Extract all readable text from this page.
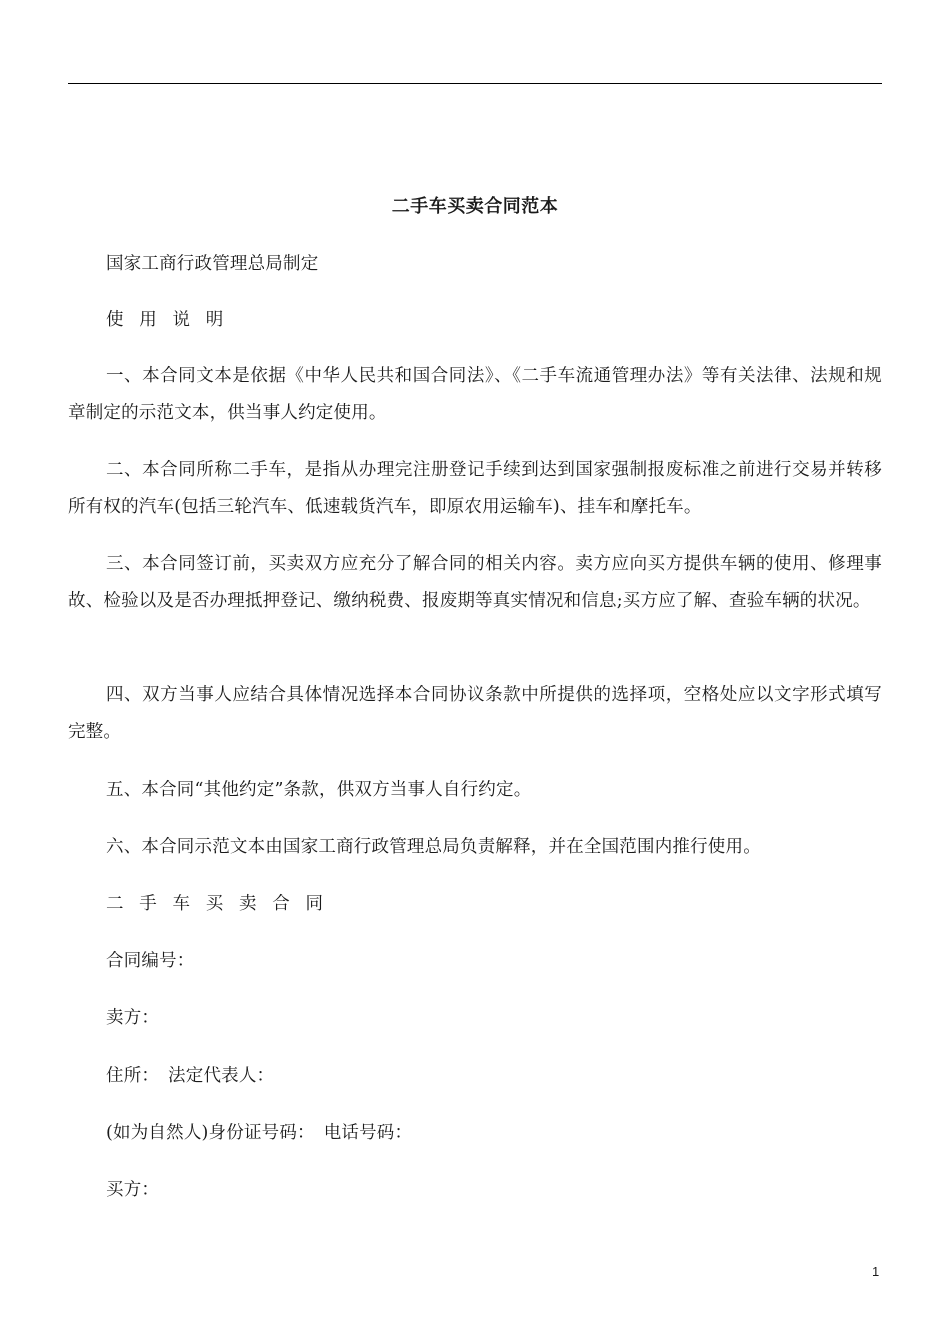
二手车买卖合同范本
国家工商行政管理总局制定
使用说明
一、本合同文本是依据《中华人民共和国合同法》、《二手车流通管理办法》等有关法律、法规和规章制定的示范文本，供当事人约定使用。
二、本合同所称二手车，是指从办理完注册登记手续到达到国家强制报废标准之前进行交易并转移所有权的汽车(包括三轮汽车、低速载货汽车，即原农用运输车)、挂车和摩托车。
三、本合同签订前，买卖双方应充分了解合同的相关内容。卖方应向买方提供车辆的使用、修理事故、检验以及是否办理抵押登记、缴纳税费、报废期等真实情况和信息;买方应了解、查验车辆的状况。
四、双方当事人应结合具体情况选择本合同协议条款中所提供的选择项，空格处应以文字形式填写完整。
五、本合同“其他约定”条款，供双方当事人自行约定。
六、本合同示范文本由国家工商行政管理总局负责解释，并在全国范围内推行使用。
二手车买卖合同
合同编号：
卖方：
住所：　法定代表人：
(如为自然人)身份证号码：　电话号码：
买方：
1
